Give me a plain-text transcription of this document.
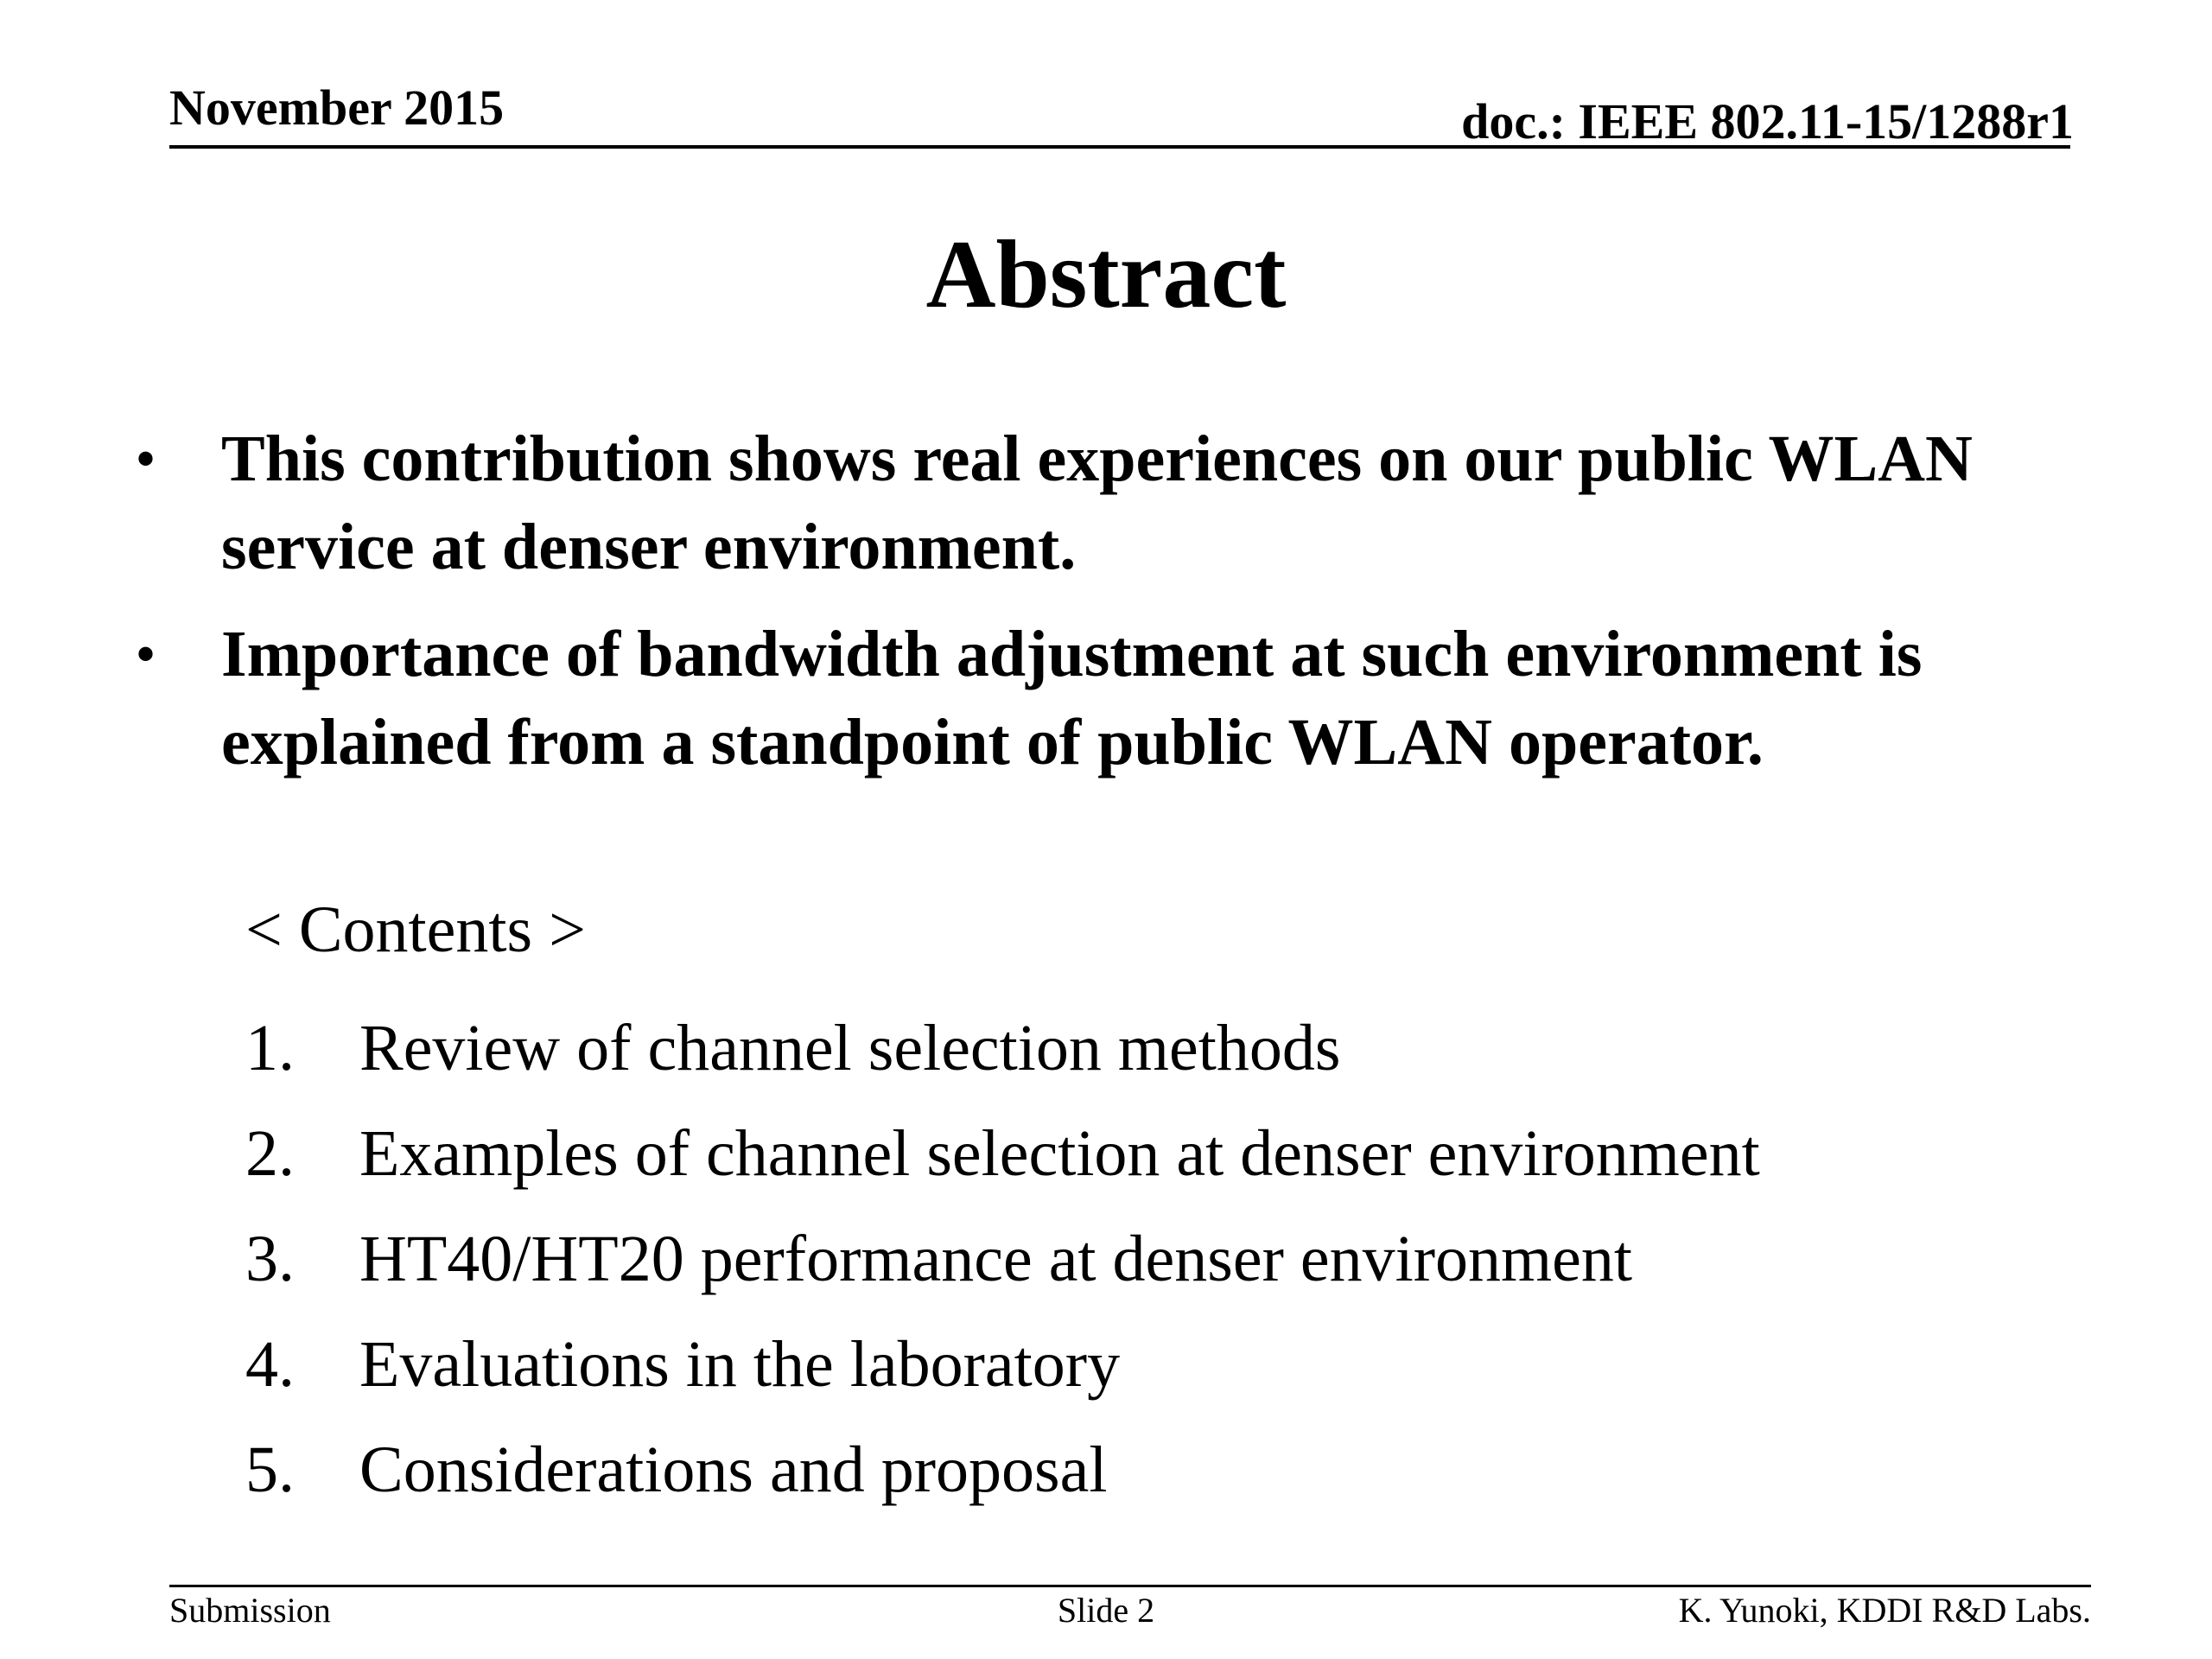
November 2015	doc.: IEEE 802.11-15/1288r1
Abstract
• This contribution shows real experiences on our public WLAN service at denser environment.
• Importance of bandwidth adjustment at such environment is explained from a standpoint of public WLAN operator.
< Contents >
1. Review of channel selection methods
2. Examples of channel selection at denser environment
3. HT40/HT20 performance at denser environment
4. Evaluations in the laboratory
5. Considerations and proposal
Submission	Slide 2	K. Yunoki, KDDI R&D Labs.
